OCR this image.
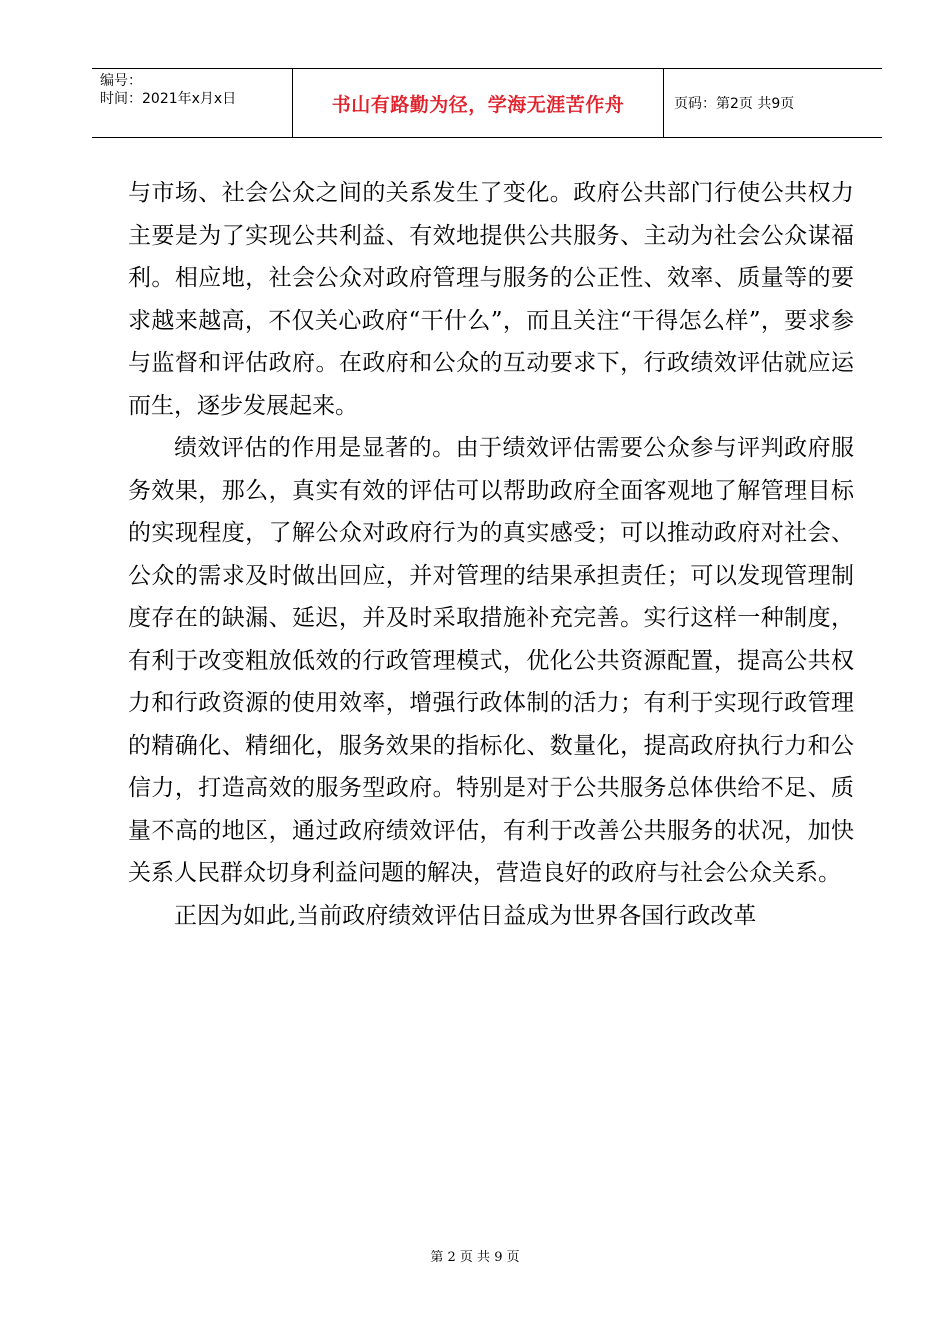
编号：
时间：2021年x月x日	书山有路勤为径，学海无涯苦作舟	页码：第2页 共9页

与市场、社会公众之间的关系发生了变化。政府公共部门行使公共权力主要是为了实现公共利益、有效地提供公共服务、主动为社会公众谋福利。相应地，社会公众对政府管理与服务的公正性、效率、质量等的要求越来越高，不仅关心政府“干什么”，而且关注“干得怎么样”，要求参与监督和评估政府。在政府和公众的互动要求下，行政绩效评估就应运而生，逐步发展起来。

绩效评估的作用是显著的。由于绩效评估需要公众参与评判政府服务效果，那么，真实有效的评估可以帮助政府全面客观地了解管理目标的实现程度，了解公众对政府行为的真实感受；可以推动政府对社会、公众的需求及时做出回应，并对管理的结果承担责任；可以发现管理制度存在的缺漏、延迟，并及时采取措施补充完善。实行这样一种制度，有利于改变粗放低效的行政管理模式，优化公共资源配置，提高公共权力和行政资源的使用效率，增强行政体制的活力；有利于实现行政管理的精确化、精细化，服务效果的指标化、数量化，提高政府执行力和公信力，打造高效的服务型政府。特别是对于公共服务总体供给不足、质量不高的地区，通过政府绩效评估，有利于改善公共服务的状况，加快关系人民群众切身利益问题的解决，营造良好的政府与社会公众关系。

正因为如此,当前政府绩效评估日益成为世界各国行政改革

第 2 页 共 9 页
